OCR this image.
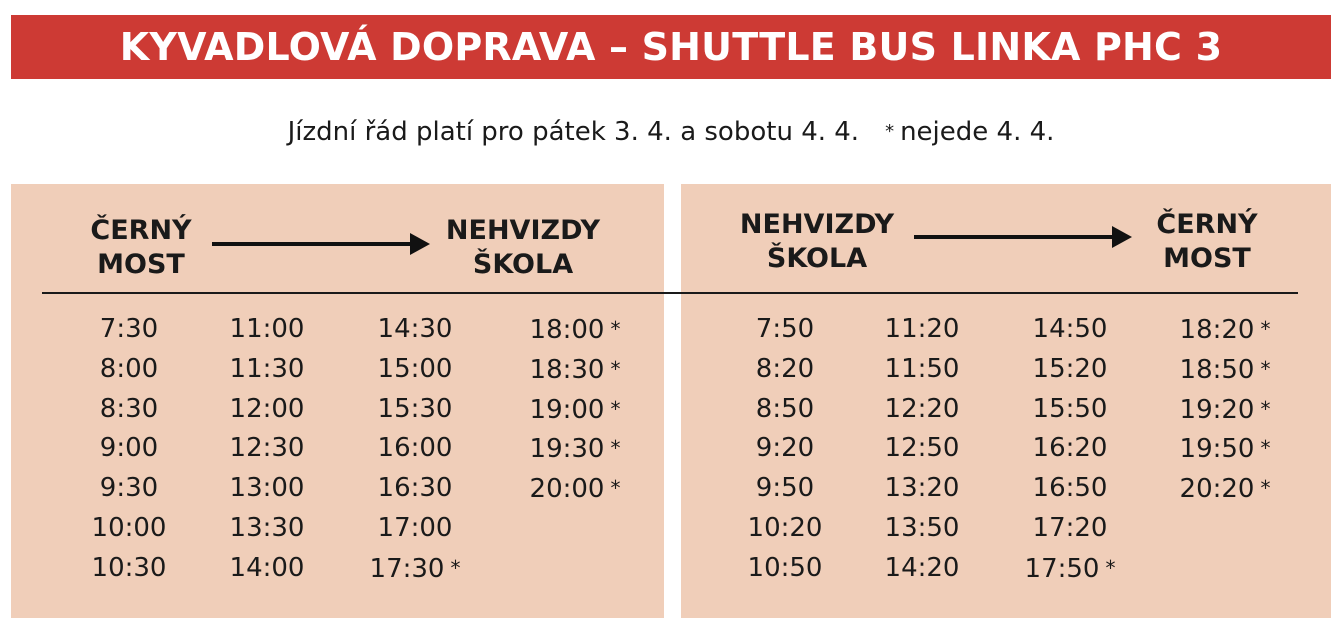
KYVADLOVÁ DOPRAVA – SHUTTLE BUS LINKA PHC 3
Jízdní řád platí pro pátek 3. 4. a sobotu 4. 4. * nejede 4. 4.
ČERNÝ
MOST
NEHVIZDY
ŠKOLA
NEHVIZDY
ŠKOLA
ČERNÝ
MOST
7:30
8:00
8:30
9:00
9:30
10:00
10:30
11:00
11:30
12:00
12:30
13:00
13:30
14:00
14:30
15:00
15:30
16:00
16:30
17:00
17:30 *
18:00 *
18:30 *
19:00 *
19:30 *
20:00 *
7:50
8:20
8:50
9:20
9:50
10:20
10:50
11:20
11:50
12:20
12:50
13:20
13:50
14:20
14:50
15:20
15:50
16:20
16:50
17:20
17:50 *
18:20 *
18:50 *
19:20 *
19:50 *
20:20 *
